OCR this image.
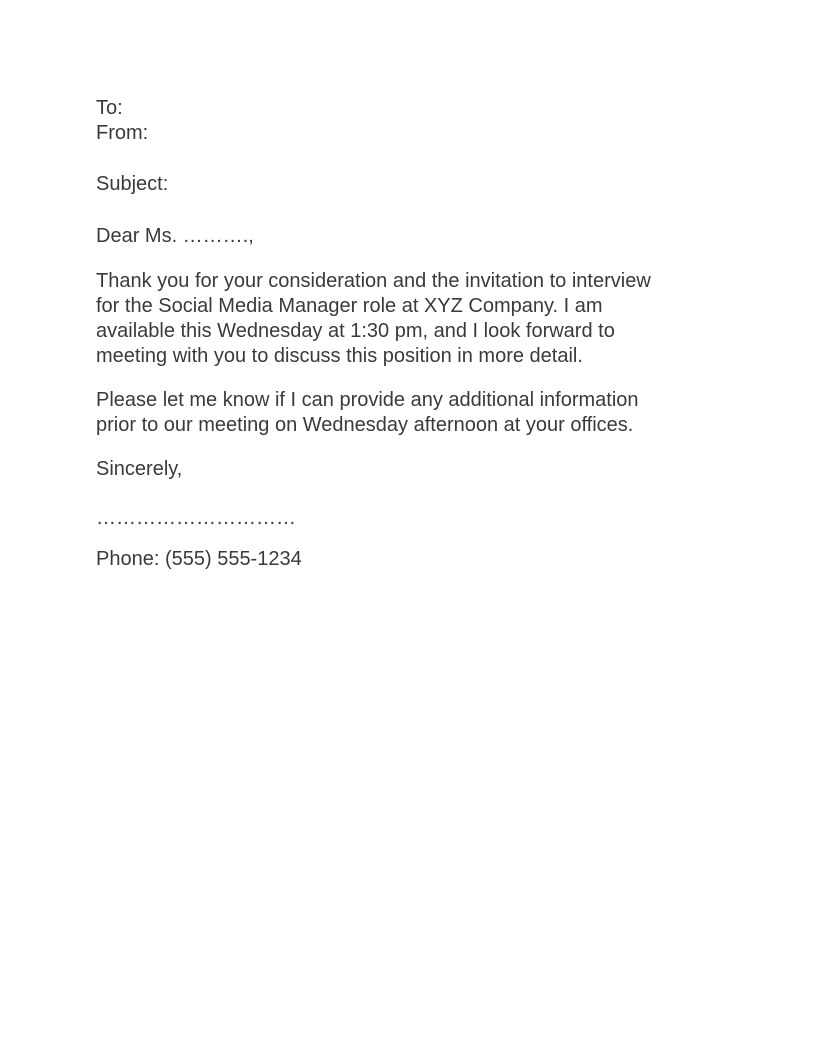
To:
From:
Subject:
Dear Ms. ……….,
Thank you for your consideration and the invitation to interview
for the Social Media Manager role at XYZ Company. I am
available this Wednesday at 1:30 pm, and I look forward to
meeting with you to discuss this position in more detail.
Please let me know if I can provide any additional information
prior to our meeting on Wednesday afternoon at your offices.
Sincerely,
…………………………
Phone: (555) 555-1234
